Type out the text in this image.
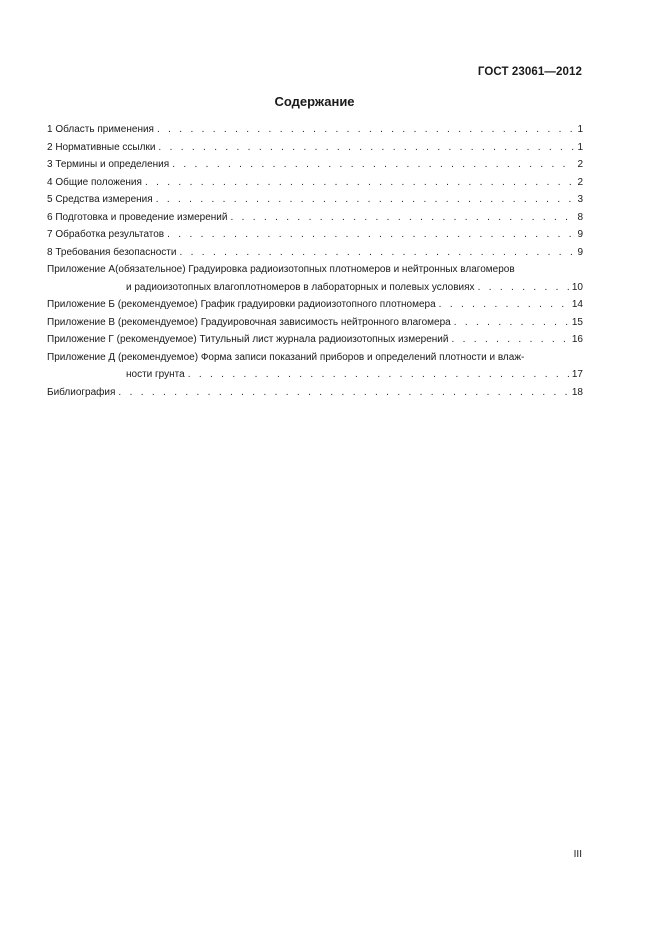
ГОСТ 23061—2012
Содержание
1 Область применения . . .	1
2 Нормативные ссылки . . .	1
3 Термины и определения . . .	2
4 Общие положения . . .	2
5 Средства измерения . . .	3
6 Подготовка и проведение измерений . . .	8
7 Обработка результатов . . .	9
8 Требования безопасности . . .	9
Приложение А(обязательное) Градуировка радиоизотопных плотномеров и нейтронных влагомеров
и радиоизотопных влагоплотномеров в лабораторных и полевых условиях . . .	10
Приложение Б (рекомендуемое) График градуировки радиоизотопного плотномера . . .	14
Приложение В (рекомендуемое) Градуировочная зависимость нейтронного влагомера . . .	15
Приложение Г (рекомендуемое) Титульный лист журнала радиоизотопных измерений . . .	16
Приложение Д (рекомендуемое) Форма записи показаний приборов и определений плотности и влаж-
ности грунта . . .	17
Библиография . . .	18
III
